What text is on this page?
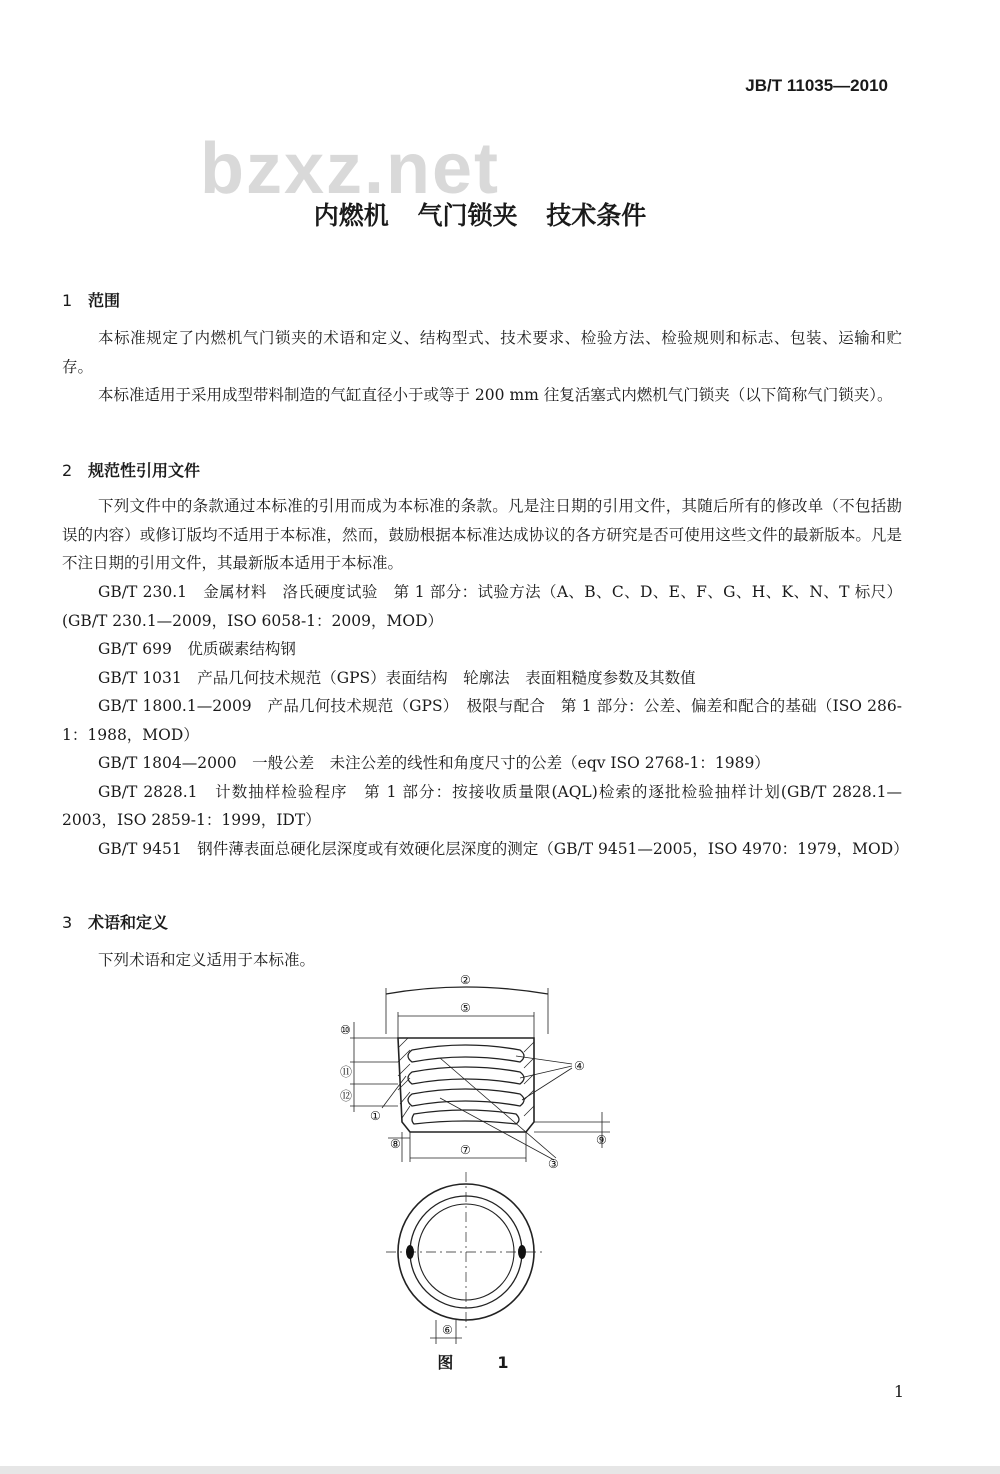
JB/T 11035—2010
bzxz.net
内燃机 气门锁夹 技术条件
1 范围

本标准规定了内燃机气门锁夹的术语和定义、结构型式、技术要求、检验方法、检验规则和标志、包装、运输和贮存。

本标准适用于采用成型带料制造的气缸直径小于或等于 200 mm 往复活塞式内燃机气门锁夹（以下简称气门锁夹）。

2 规范性引用文件

下列文件中的条款通过本标准的引用而成为本标准的条款。凡是注日期的引用文件，其随后所有的修改单（不包括勘误的内容）或修订版均不适用于本标准，然而，鼓励根据本标准达成协议的各方研究是否可使用这些文件的最新版本。凡是不注日期的引用文件，其最新版本适用于本标准。

GB/T 230.1　金属材料　洛氏硬度试验　第 1 部分：试验方法（A、B、C、D、E、F、G、H、K、N、T 标尺）(GB/T 230.1—2009，ISO 6058-1：2009，MOD）

GB/T 699　优质碳素结构钢

GB/T 1031　产品几何技术规范（GPS）表面结构　轮廓法　表面粗糙度参数及其数值

GB/T 1800.1—2009　产品几何技术规范（GPS）　极限与配合　第 1 部分：公差、偏差和配合的基础（ISO 286-1：1988，MOD）

GB/T 1804—2000　一般公差　未注公差的线性和角度尺寸的公差（eqv ISO 2768-1：1989）

GB/T 2828.1　计数抽样检验程序　第 1 部分：按接收质量限(AQL)检索的逐批检验抽样计划(GB/T 2828.1—2003，ISO 2859-1：1999，IDT）

GB/T 9451　钢件薄表面总硬化层深度或有效硬化层深度的测定（GB/T 9451—2005，ISO 4970：1979，MOD）

3 术语和定义

下列术语和定义适用于本标准。

①
②
③
④
⑤
⑥
⑦
⑧	⑨
⑩
⑪
⑫
图　1
1
